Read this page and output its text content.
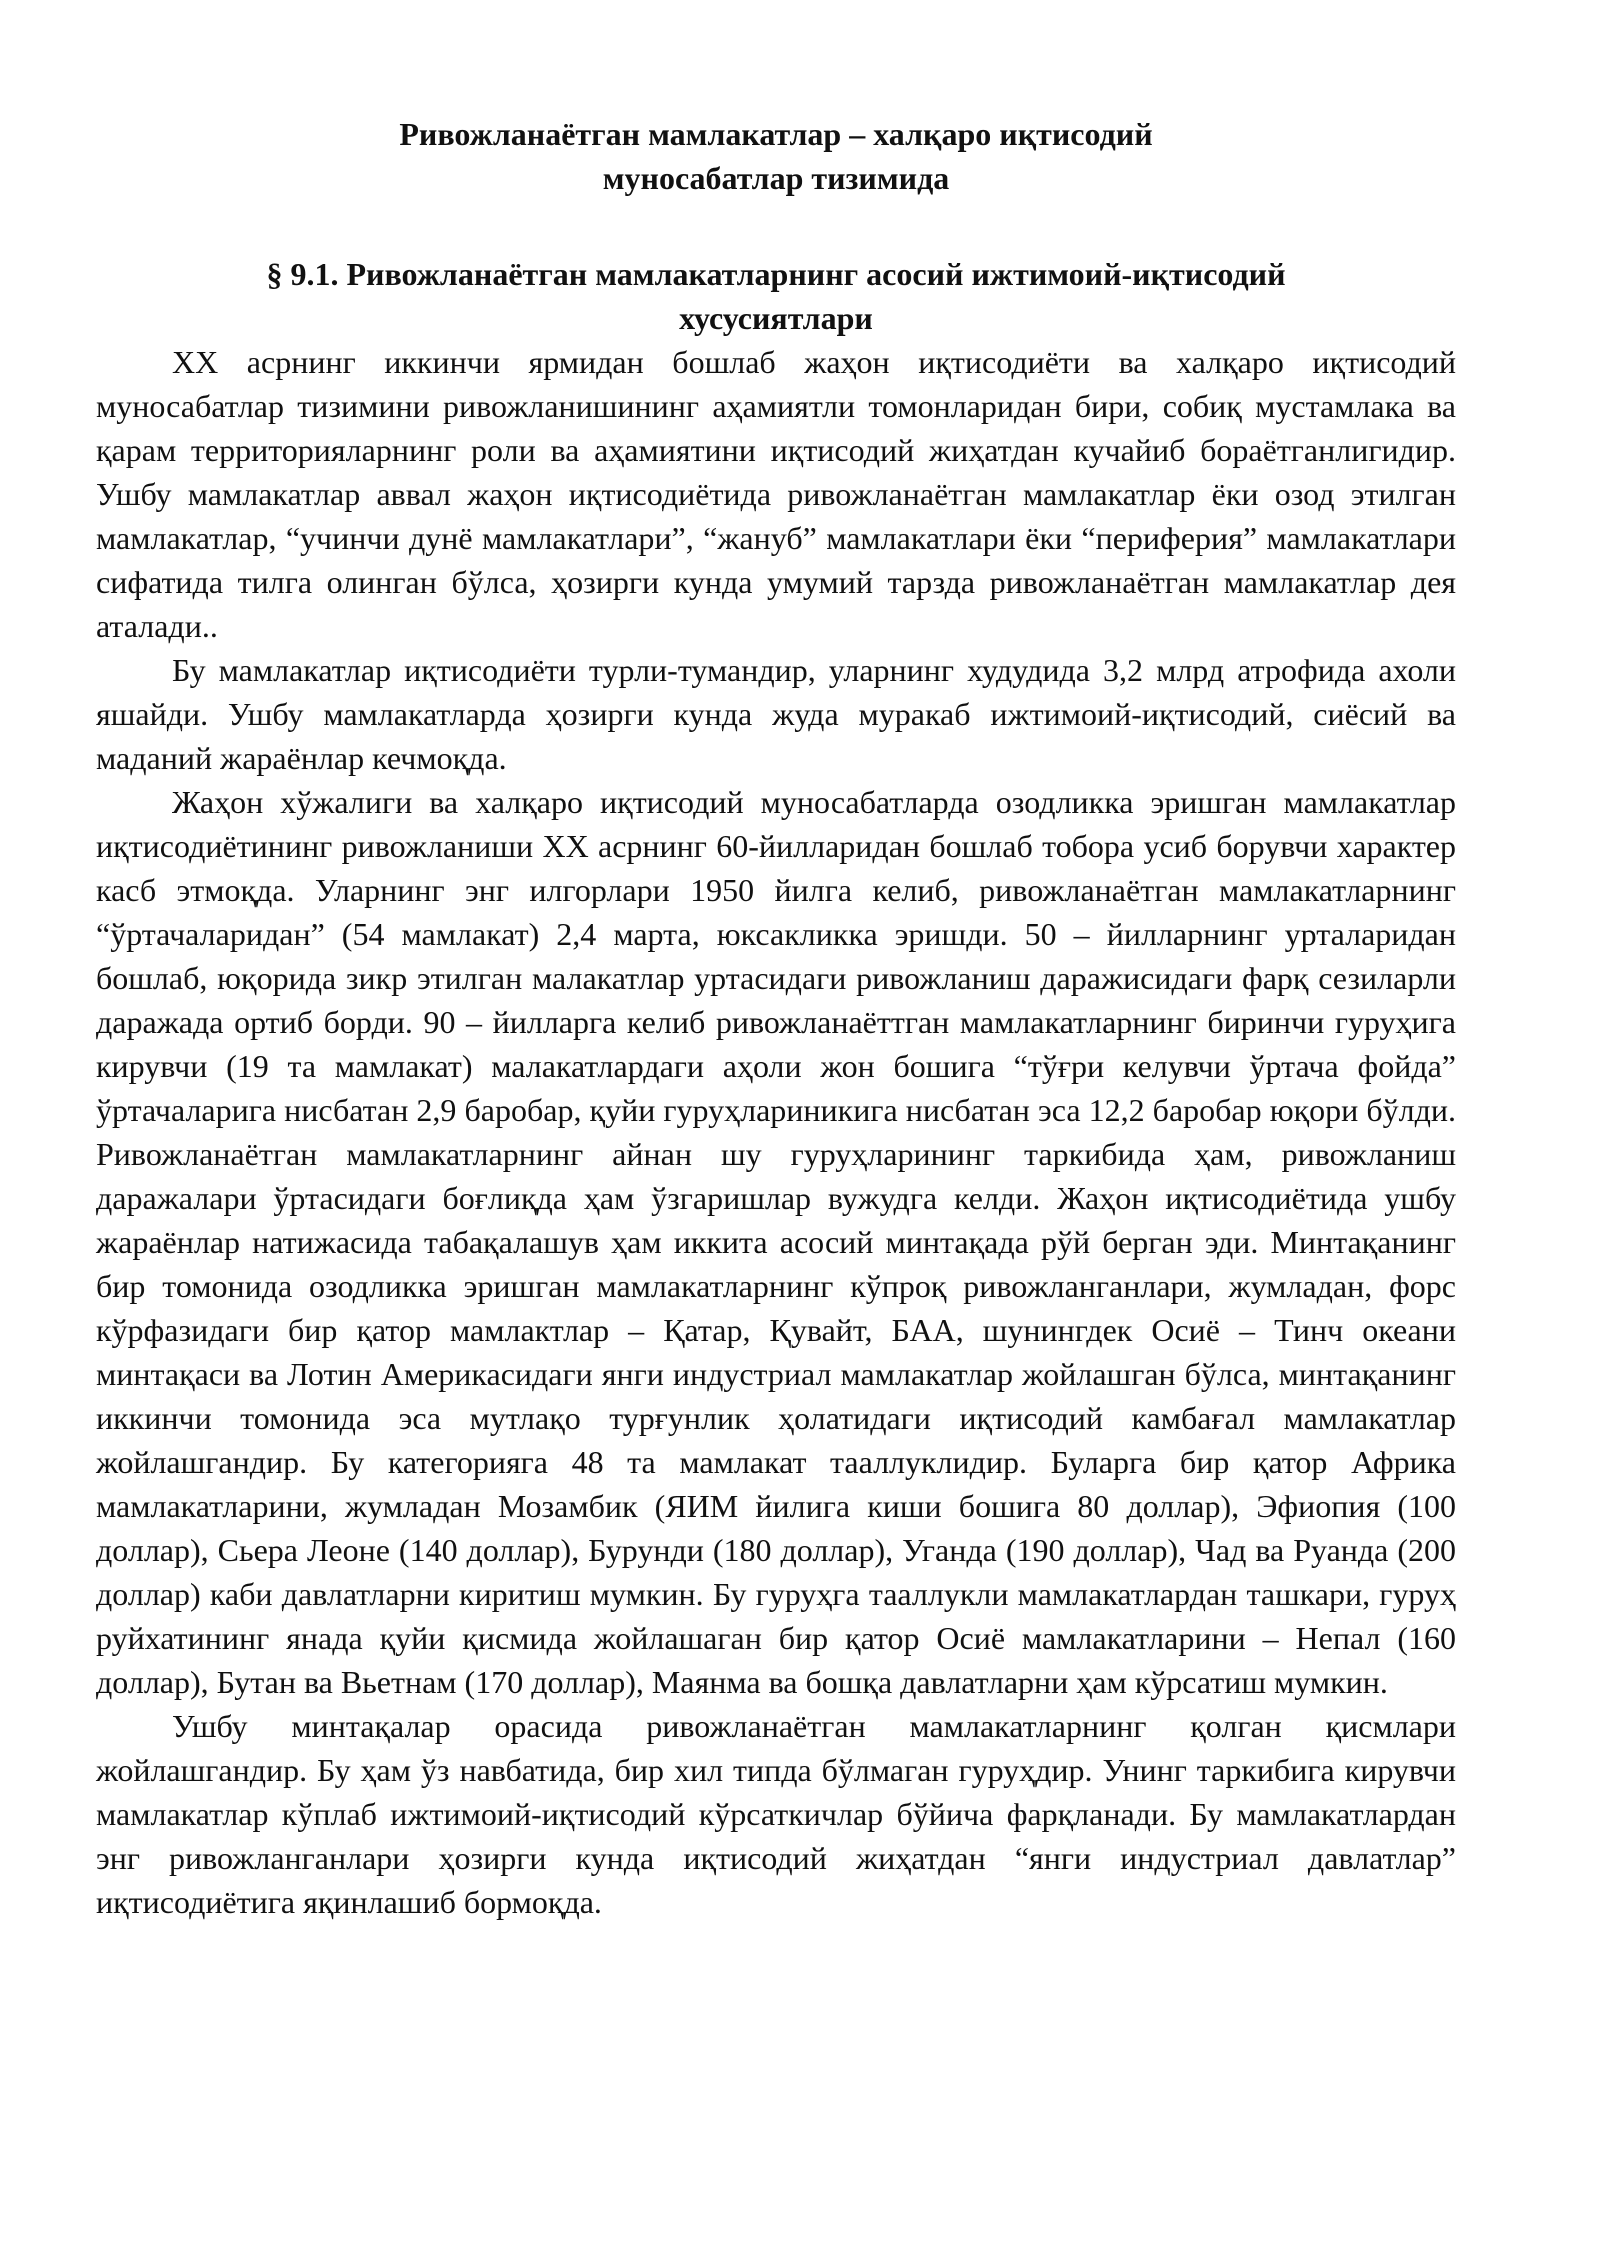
Ривожланаётган мамлакатлар – халқаро иқтисодий
муносабатлар тизимида
§ 9.1. Ривожланаётган мамлакатларнинг асосий ижтимоий-иқтисодий
хусусиятлари

ХХ асрнинг иккинчи ярмидан бошлаб жаҳон иқтисодиёти ва халқаро иқтисодий муносабатлар тизимини ривожланишининг аҳамиятли томонларидан бири, собиқ мустамлака ва қарам территорияларнинг роли ва аҳамиятини иқтисодий жиҳатдан кучайиб бораётганлигидир. Ушбу мамлакатлар аввал жаҳон иқтисодиётида ривожланаётган мамлакатлар ёки озод этилган мамлакатлар, “учинчи дунё мамлакатлари”, “жануб” мамлакатлари ёки “периферия” мамлакатлари сифатида тилга олинган бўлса, ҳозирги кунда умумий тарзда ривожланаётган мамлакатлар дея аталади..

Бу мамлакатлар иқтисодиёти турли-тумандир, уларнинг худудида 3,2 млрд атрофида ахоли яшайди. Ушбу мамлакатларда ҳозирги кунда жуда муракаб ижтимоий-иқтисодий, сиёсий ва маданий жараёнлар кечмоқда.

Жаҳон хўжалиги ва халқаро иқтисодий муносабатларда озодликка эришган мамлакатлар иқтисодиётининг ривожланиши ХХ асрнинг 60-йилларидан бошлаб тобора усиб борувчи характер касб этмоқда. Уларнинг энг илгорлари 1950 йилга келиб, ривожланаётган мамлакатларнинг “ўртачаларидан” (54 мамлакат) 2,4 марта, юксакликка эришди. 50 – йилларнинг урталаридан бошлаб, юқорида зикр этилган малакатлар уртасидаги ривожланиш даражисидаги фарқ сезиларли даражада ортиб борди. 90 – йилларга келиб ривожланаёттган мамлакатларнинг биринчи гуруҳига кирувчи (19 та мамлакат) малакатлардаги аҳоли жон бошига “тўғри келувчи ўртача фойда” ўртачаларига нисбатан 2,9 баробар, қуйи гуруҳлариникига нисбатан эса 12,2 баробар юқори бўлди. Ривожланаётган мамлакатларнинг айнан шу гуруҳларининг таркибида ҳам, ривожланиш даражалари ўртасидаги боғлиқда ҳам ўзгаришлар вужудга келди. Жаҳон иқтисодиётида ушбу жараёнлар натижасида табақалашув ҳам иккита асосий минтақада рўй берган эди. Минтақанинг бир томонида озодликка эришган мамлакатларнинг кўпроқ ривожланганлари, жумладан, форс кўрфазидаги бир қатор мамлактлар – Қатар, Қувайт, БАА, шунингдек Осиё – Тинч океани минтақаси ва Лотин Америкасидаги янги индустриал мамлакатлар жойлашган бўлса, минтақанинг иккинчи томонида эса мутлақо турғунлик ҳолатидаги иқтисодий камбағал мамлакатлар жойлашгандир. Бу категорияга 48 та мамлакат тааллуклидир. Буларга бир қатор Африка мамлакатларини, жумладан Мозамбик (ЯИМ йилига киши бошига 80 доллар), Эфиопия (100 доллар), Сьера Леоне (140 доллар), Бурунди (180 доллар), Уганда (190 доллар), Чад ва Руанда (200 доллар) каби давлатларни киритиш мумкин. Бу гуруҳга тааллукли мамлакатлардан ташкари, гуруҳ руйхатининг янада қуйи қисмида жойлашаган бир қатор Осиё мамлакатларини – Непал (160 доллар), Бутан ва Вьетнам (170 доллар), Маянма ва бошқа давлатларни ҳам кўрсатиш мумкин.

Ушбу минтақалар орасида ривожланаётган мамлакатларнинг қолган қисмлари жойлашгандир. Бу ҳам ўз навбатида, бир хил типда бўлмаган гуруҳдир. Унинг таркибига кирувчи мамлакатлар кўплаб ижтимоий-иқтисодий кўрсаткичлар бўйича фарқланади. Бу мамлакатлардан энг ривожланганлари ҳозирги кунда иқтисодий жиҳатдан “янги индустриал давлатлар” иқтисодиётига яқинлашиб бормоқда.
